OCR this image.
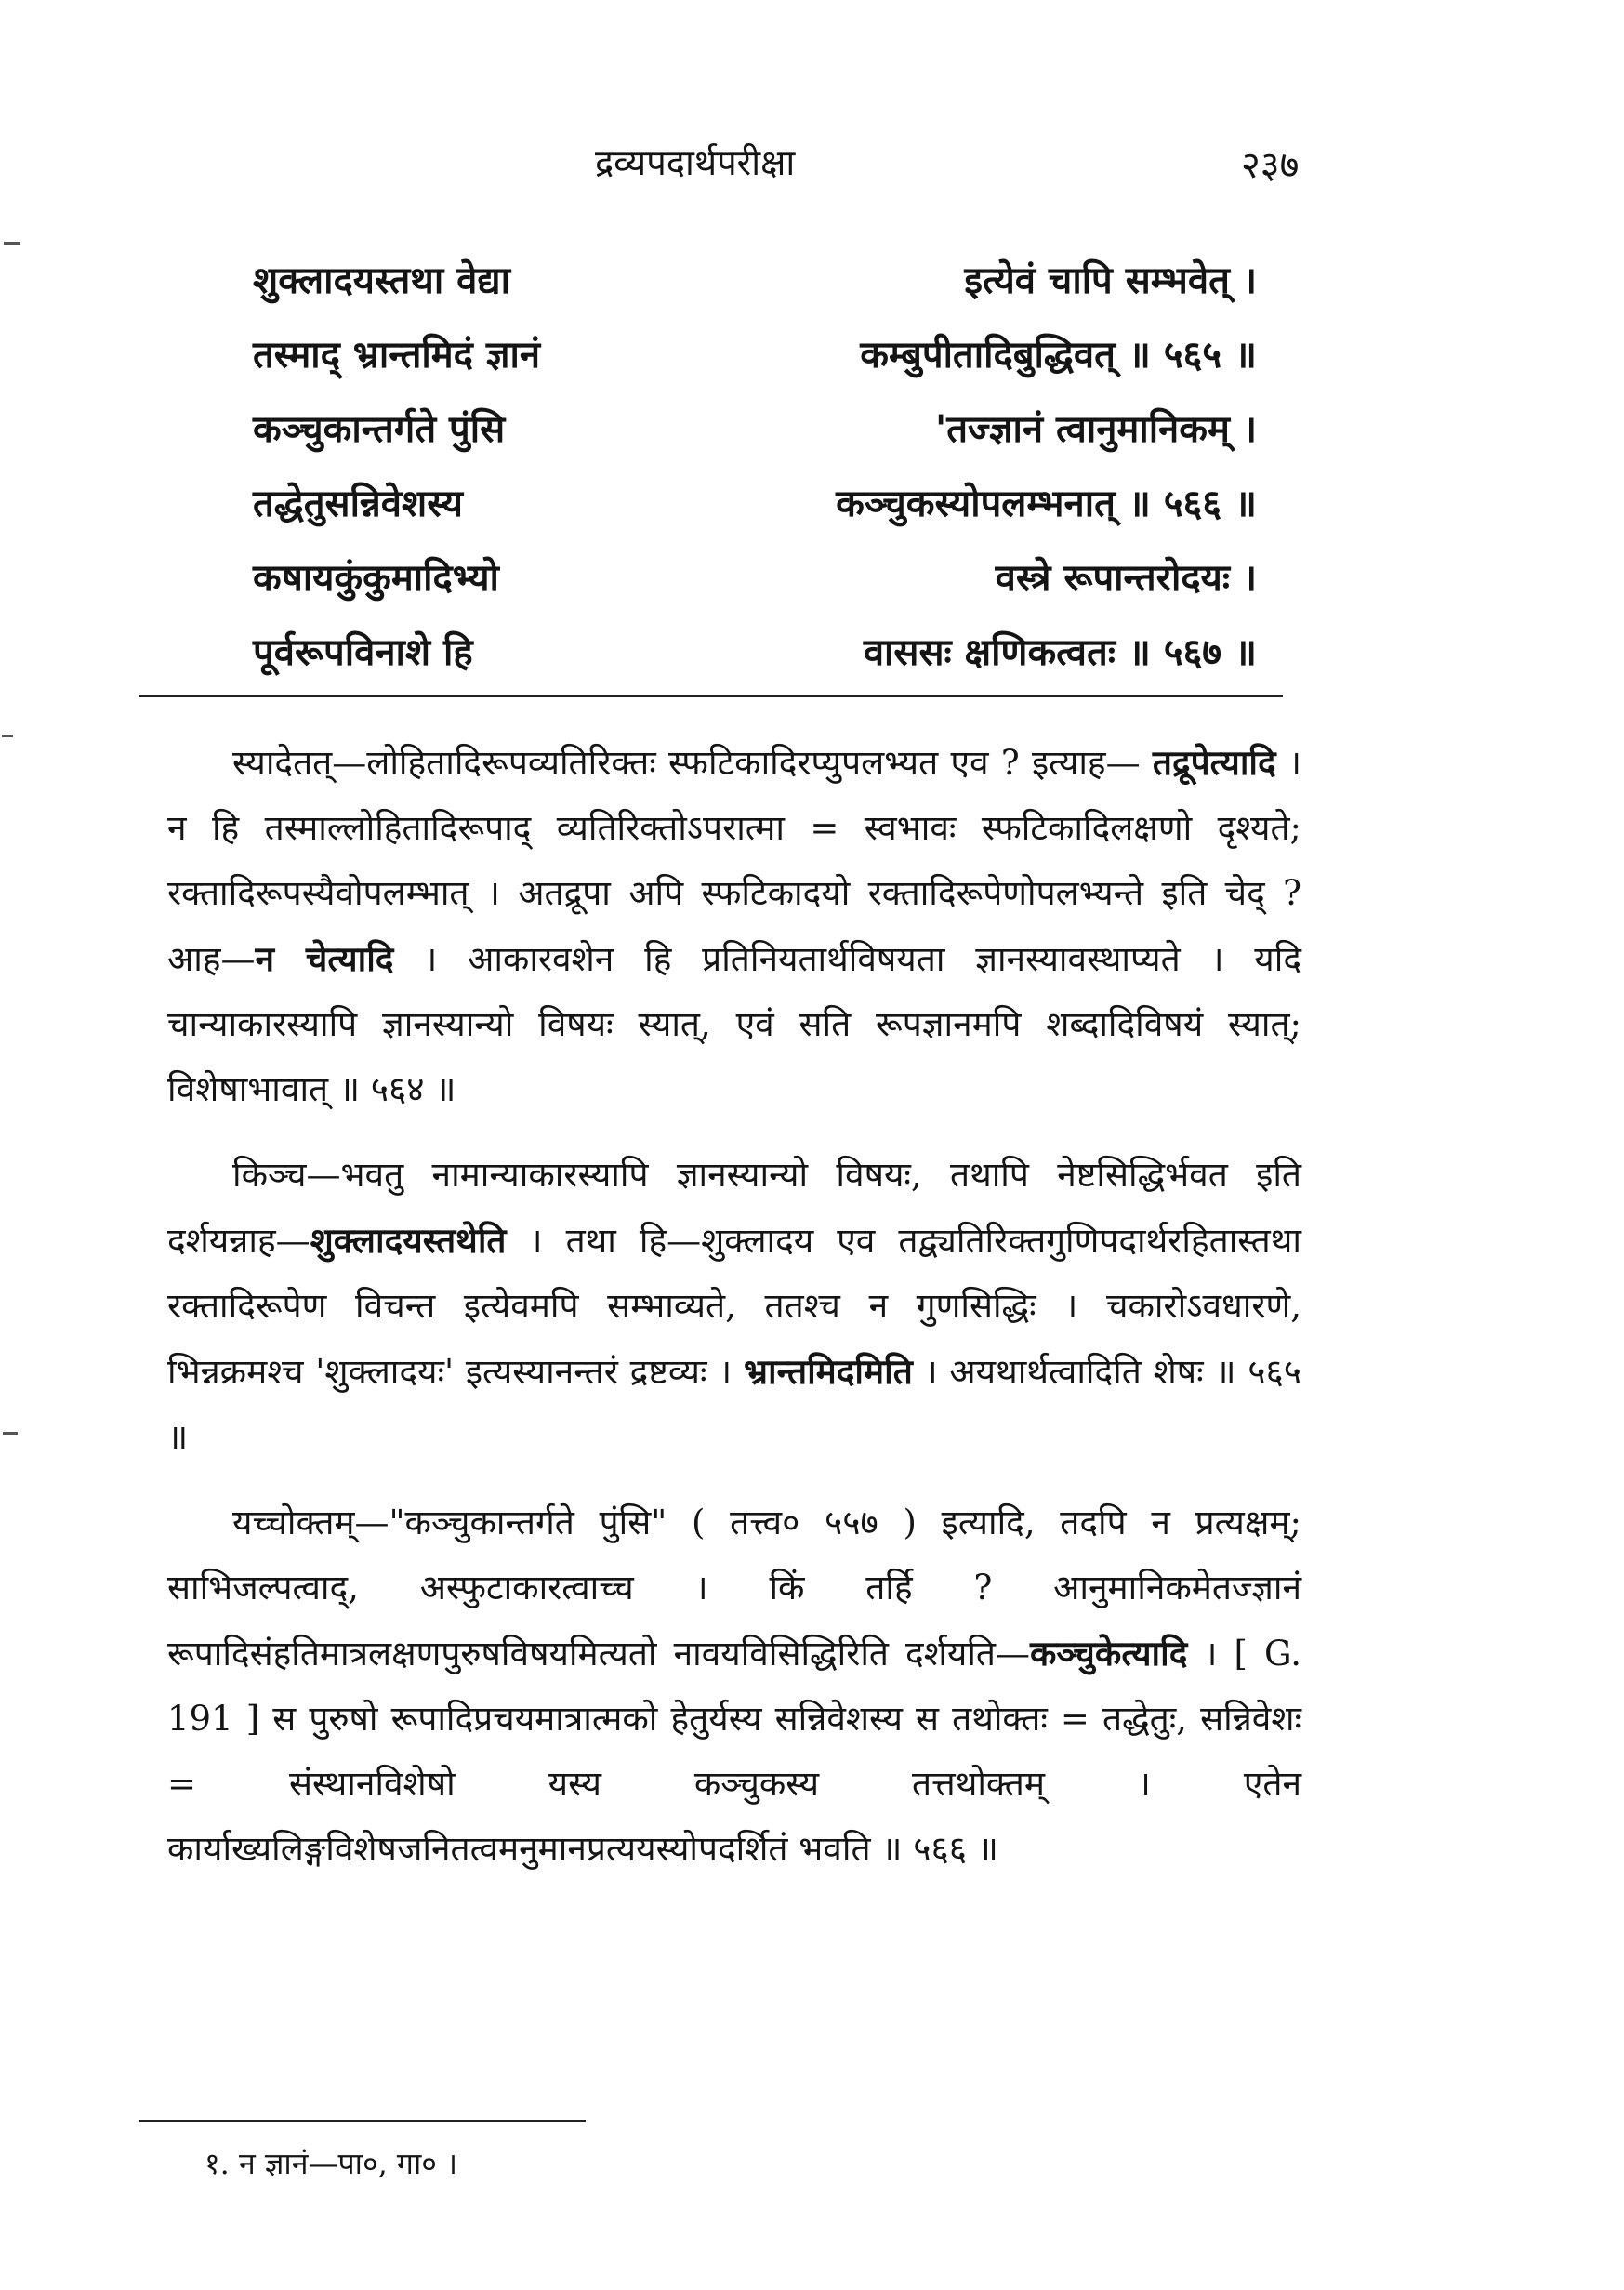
द्रव्यपदार्थपरीक्षा	२३७
शुक्लादयस्तथा वेद्या	इत्येवं चापि सम्भवेत् ।
तस्माद् भ्रान्तमिदं ज्ञानं	कम्बुपीतादिबुद्धिवत् ॥ ५६५ ॥
कञ्चुकान्तर्गते पुंसि	'तज्ज्ञानं त्वानुमानिकम् ।
तद्धेतुसन्निवेशस्य	कञ्चुकस्योपलम्भनात् ॥ ५६६ ॥
कषायकुंकुमादिभ्यो	वस्त्रे रूपान्तरोदयः ।
पूर्वरूपविनाशे हि	वाससः क्षणिकत्वतः ॥ ५६७ ॥

स्यादेतत्—लोहितादिरूपव्यतिरिक्तः स्फटिकादिरप्युपलभ्यत एव ? इत्याह— तद्रूपेत्यादि । न हि तस्माल्लोहितादिरूपाद् व्यतिरिक्तोऽपरात्मा = स्वभावः स्फटिकादिलक्षणो दृश्यते; रक्तादिरूपस्यैवोपलम्भात् । अतद्रूपा अपि स्फटिकादयो रक्तादिरूपेणोपलभ्यन्ते इति चेद् ? आह—न चेत्यादि । आकारवशेन हि प्रतिनियतार्थविषयता ज्ञानस्यावस्थाप्यते । यदि चान्याकारस्यापि ज्ञानस्यान्यो विषयः स्यात्, एवं सति रूपज्ञानमपि शब्दादिविषयं स्यात्; विशेषाभावात् ॥ ५६४ ॥

किञ्च—भवतु नामान्याकारस्यापि ज्ञानस्यान्यो विषयः, तथापि नेष्टसिद्धिर्भवत इति दर्शयन्नाह—शुक्लादयस्तथेति । तथा हि—शुक्लादय एव तद्व्यतिरिक्तगुणिपदार्थरहितास्तथा रक्तादिरूपेण विचन्त इत्येवमपि सम्भाव्यते, ततश्च न गुणसिद्धिः । चकारोऽवधारणे, भिन्नक्रमश्च 'शुक्लादयः' इत्यस्यानन्तरं द्रष्टव्यः । भ्रान्तमिदमिति । अयथार्थत्वादिति शेषः ॥ ५६५ ॥

यच्चोक्तम्—"कञ्चुकान्तर्गते पुंसि" ( तत्त्व० ५५७ ) इत्यादि, तदपि न प्रत्यक्षम्; साभिजल्पत्वाद्, अस्फुटाकारत्वाच्च । किं तर्हि ? आनुमानिकमेतज्ज्ञानं रूपादिसंहतिमात्रलक्षणपुरुषविषयमित्यतो नावयविसिद्धिरिति दर्शयति—कञ्चुकेत्यादि । [ G. 191 ] स पुरुषो रूपादिप्रचयमात्रात्मको हेतुर्यस्य सन्निवेशस्य स तथोक्तः = तद्धेतुः, सन्निवेशः = संस्थानविशेषो यस्य कञ्चुकस्य तत्तथोक्तम् । एतेन कार्याख्यलिङ्गविशेषजनितत्वमनुमानप्रत्ययस्योपदर्शितं भवति ॥ ५६६ ॥

१. न ज्ञानं—पा०, गा० ।
